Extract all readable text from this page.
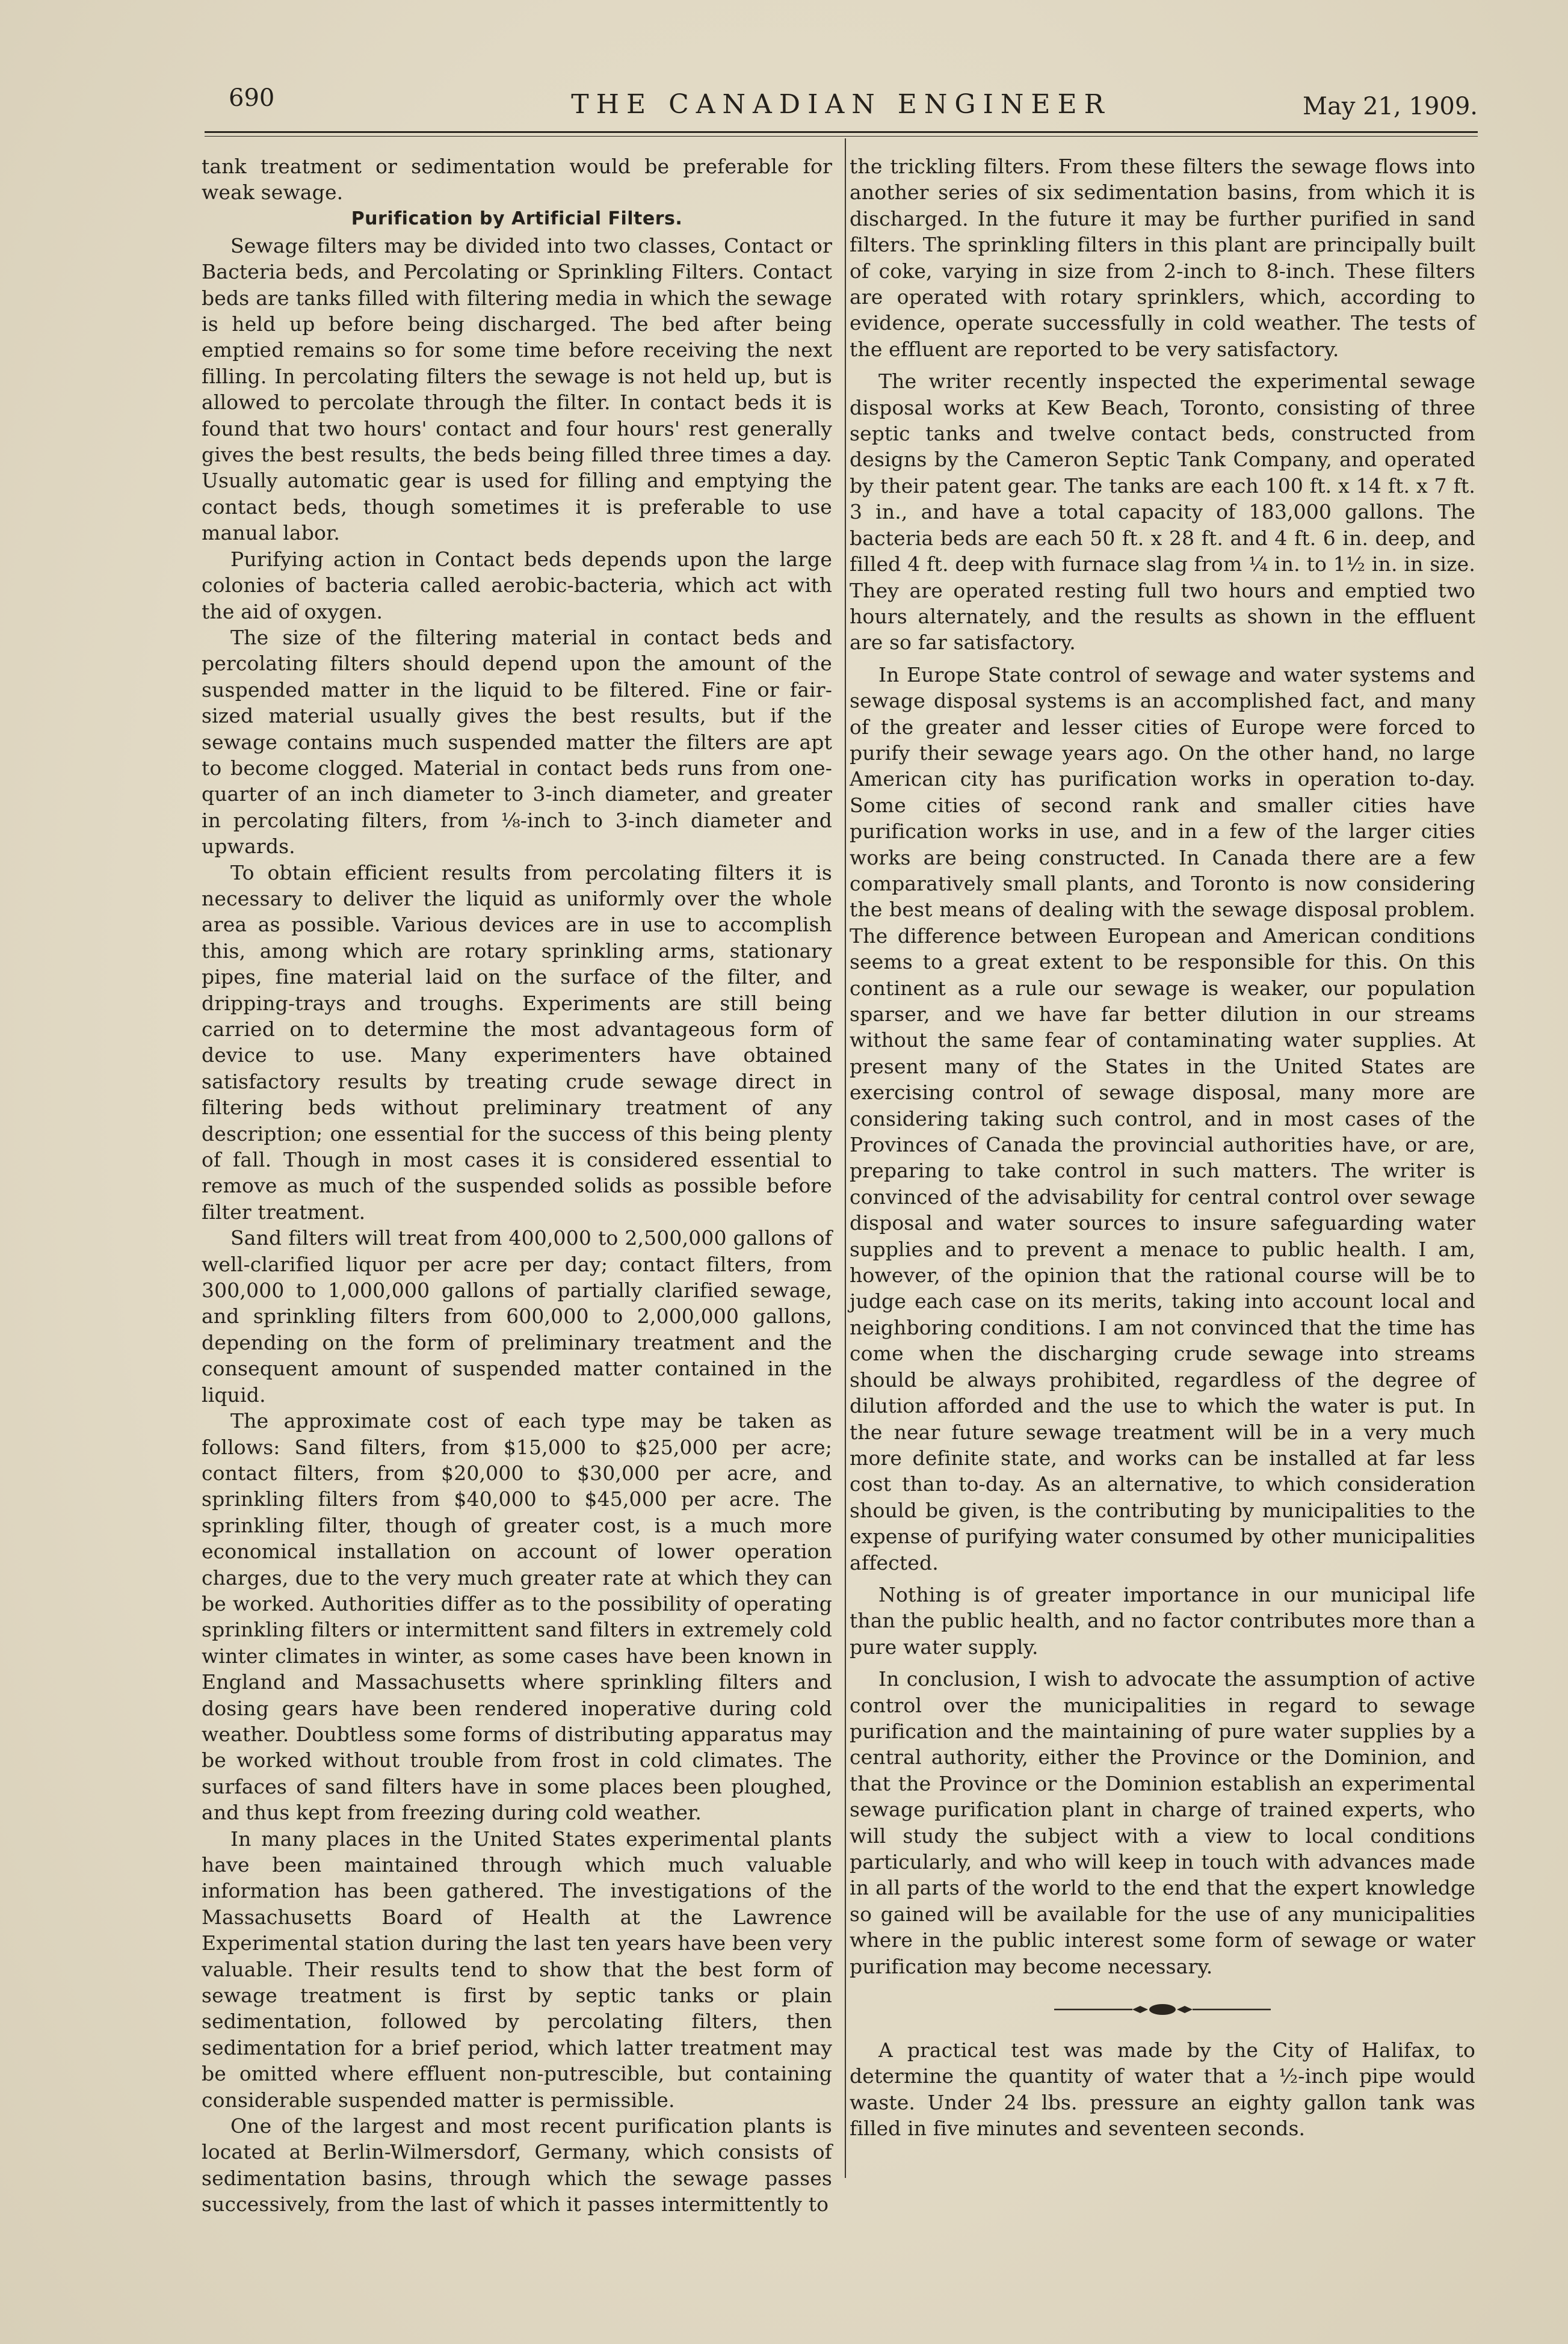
690	THE CANADIAN ENGINEER	May 21, 1909.

tank treatment or sedimentation would be preferable for weak sewage.

Purification by Artificial Filters.

Sewage filters may be divided into two classes, Contact or Bacteria beds, and Percolating or Sprinkling Filters. Contact beds are tanks filled with filtering media in which the sewage is held up before being discharged. The bed after being emptied remains so for some time before receiving the next filling. In percolating filters the sewage is not held up, but is allowed to percolate through the filter. In contact beds it is found that two hours' contact and four hours' rest generally gives the best results, the beds being filled three times a day. Usually automatic gear is used for filling and emptying the contact beds, though sometimes it is preferable to use manual labor.

Purifying action in Contact beds depends upon the large colonies of bacteria called aerobic-bacteria, which act with the aid of oxygen.

The size of the filtering material in contact beds and percolating filters should depend upon the amount of the suspended matter in the liquid to be filtered. Fine or fair-sized material usually gives the best results, but if the sewage contains much suspended matter the filters are apt to become clogged. Material in contact beds runs from one-quarter of an inch diameter to 3-inch diameter, and greater in percolating filters, from ⅛-inch to 3-inch diameter and upwards.

To obtain efficient results from percolating filters it is necessary to deliver the liquid as uniformly over the whole area as possible. Various devices are in use to accomplish this, among which are rotary sprinkling arms, stationary pipes, fine material laid on the surface of the filter, and dripping-trays and troughs. Experiments are still being carried on to determine the most advantageous form of device to use. Many experimenters have obtained satisfactory results by treating crude sewage direct in filtering beds without preliminary treatment of any description; one essential for the success of this being plenty of fall. Though in most cases it is considered essential to remove as much of the suspended solids as possible before filter treatment.

Sand filters will treat from 400,000 to 2,500,000 gallons of well-clarified liquor per acre per day; contact filters, from 300,000 to 1,000,000 gallons of partially clarified sewage, and sprinkling filters from 600,000 to 2,000,000 gallons, depending on the form of preliminary treatment and the consequent amount of suspended matter contained in the liquid.

The approximate cost of each type may be taken as follows: Sand filters, from $15,000 to $25,000 per acre; contact filters, from $20,000 to $30,000 per acre, and sprinkling filters from $40,000 to $45,000 per acre. The sprinkling filter, though of greater cost, is a much more economical installation on account of lower operation charges, due to the very much greater rate at which they can be worked. Authorities differ as to the possibility of operating sprinkling filters or intermittent sand filters in extremely cold winter climates in winter, as some cases have been known in England and Massachusetts where sprinkling filters and dosing gears have been rendered inoperative during cold weather. Doubtless some forms of distributing apparatus may be worked without trouble from frost in cold climates. The surfaces of sand filters have in some places been ploughed, and thus kept from freezing during cold weather.

In many places in the United States experimental plants have been maintained through which much valuable information has been gathered. The investigations of the Massachusetts Board of Health at the Lawrence Experimental station during the last ten years have been very valuable. Their results tend to show that the best form of sewage treatment is first by septic tanks or plain sedimentation, followed by percolating filters, then sedimentation for a brief period, which latter treatment may be omitted where effluent non-putrescible, but containing considerable suspended matter is permissible.

One of the largest and most recent purification plants is located at Berlin-Wilmersdorf, Germany, which consists of sedimentation basins, through which the sewage passes successively, from the last of which it passes intermittently to

the trickling filters. From these filters the sewage flows into another series of six sedimentation basins, from which it is discharged. In the future it may be further purified in sand filters. The sprinkling filters in this plant are principally built of coke, varying in size from 2-inch to 8-inch. These filters are operated with rotary sprinklers, which, according to evidence, operate successfully in cold weather. The tests of the effluent are reported to be very satisfactory.

The writer recently inspected the experimental sewage disposal works at Kew Beach, Toronto, consisting of three septic tanks and twelve contact beds, constructed from designs by the Cameron Septic Tank Company, and operated by their patent gear. The tanks are each 100 ft. x 14 ft. x 7 ft. 3 in., and have a total capacity of 183,000 gallons. The bacteria beds are each 50 ft. x 28 ft. and 4 ft. 6 in. deep, and filled 4 ft. deep with furnace slag from ¼ in. to 1½ in. in size. They are operated resting full two hours and emptied two hours alternately, and the results as shown in the effluent are so far satisfactory.

In Europe State control of sewage and water systems and sewage disposal systems is an accomplished fact, and many of the greater and lesser cities of Europe were forced to purify their sewage years ago. On the other hand, no large American city has purification works in operation to-day. Some cities of second rank and smaller cities have purification works in use, and in a few of the larger cities works are being constructed. In Canada there are a few comparatively small plants, and Toronto is now considering the best means of dealing with the sewage disposal problem. The difference between European and American conditions seems to a great extent to be responsible for this. On this continent as a rule our sewage is weaker, our population sparser, and we have far better dilution in our streams without the same fear of contaminating water supplies. At present many of the States in the United States are exercising control of sewage disposal, many more are considering taking such control, and in most cases of the Provinces of Canada the provincial authorities have, or are, preparing to take control in such matters. The writer is convinced of the advisability for central control over sewage disposal and water sources to insure safeguarding water supplies and to prevent a menace to public health. I am, however, of the opinion that the rational course will be to judge each case on its merits, taking into account local and neighboring conditions. I am not convinced that the time has come when the discharging crude sewage into streams should be always prohibited, regardless of the degree of dilution afforded and the use to which the water is put. In the near future sewage treatment will be in a very much more definite state, and works can be installed at far less cost than to-day. As an alternative, to which consideration should be given, is the contributing by municipalities to the expense of purifying water consumed by other municipalities affected.

Nothing is of greater importance in our municipal life than the public health, and no factor contributes more than a pure water supply.

In conclusion, I wish to advocate the assumption of active control over the municipalities in regard to sewage purification and the maintaining of pure water supplies by a central authority, either the Province or the Dominion, and that the Province or the Dominion establish an experimental sewage purification plant in charge of trained experts, who will study the subject with a view to local conditions particularly, and who will keep in touch with advances made in all parts of the world to the end that the expert knowledge so gained will be available for the use of any municipalities where in the public interest some form of sewage or water purification may become necessary.

A practical test was made by the City of Halifax, to determine the quantity of water that a ½-inch pipe would waste. Under 24 lbs. pressure an eighty gallon tank was filled in five minutes and seventeen seconds.
